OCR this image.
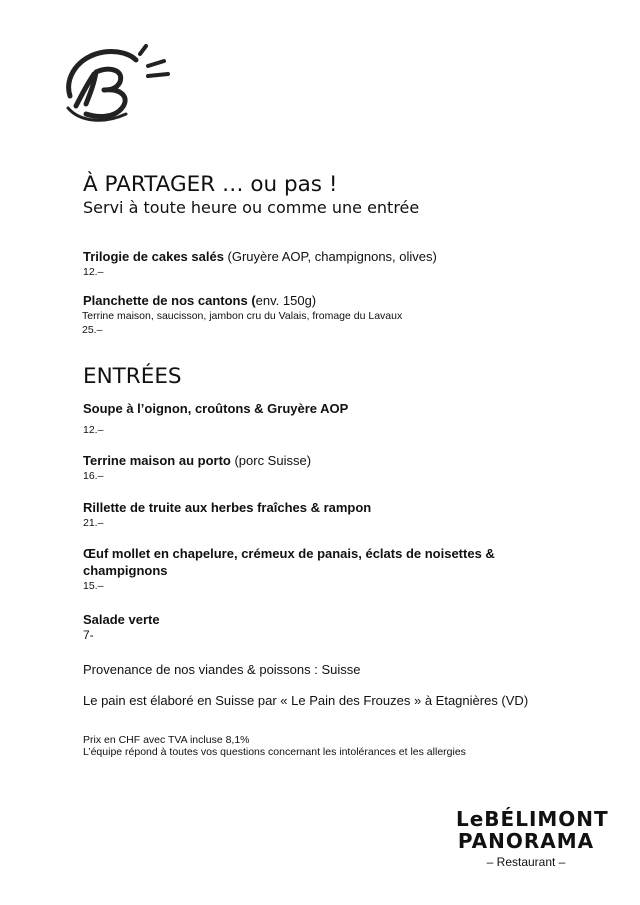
À PARTAGER … ou pas !
Servi à toute heure ou comme une entrée
Trilogie de cakes salés (Gruyère AOP, champignons, olives)
12.–
Planchette de nos cantons (env. 150g)
Terrine maison, saucisson, jambon cru du Valais, fromage du Lavaux
25.–
ENTRÉES
Soupe à l’oignon, croûtons & Gruyère AOP
12.–
Terrine maison au porto (porc Suisse)
16.–
Rillette de truite aux herbes fraîches & rampon
21.–
Œuf mollet en chapelure, crémeux de panais, éclats de noisettes & champignons
15.–
Salade verte
7-
Provenance de nos viandes & poissons : Suisse
Le pain est élaboré en Suisse par « Le Pain des Frouzes » à Etagnières (VD)
Prix en CHF avec TVA incluse 8,1%
L’équipe répond à toutes vos questions concernant les intolérances et les allergies
LeBÉLIMONT
PANORAMA
– Restaurant –
